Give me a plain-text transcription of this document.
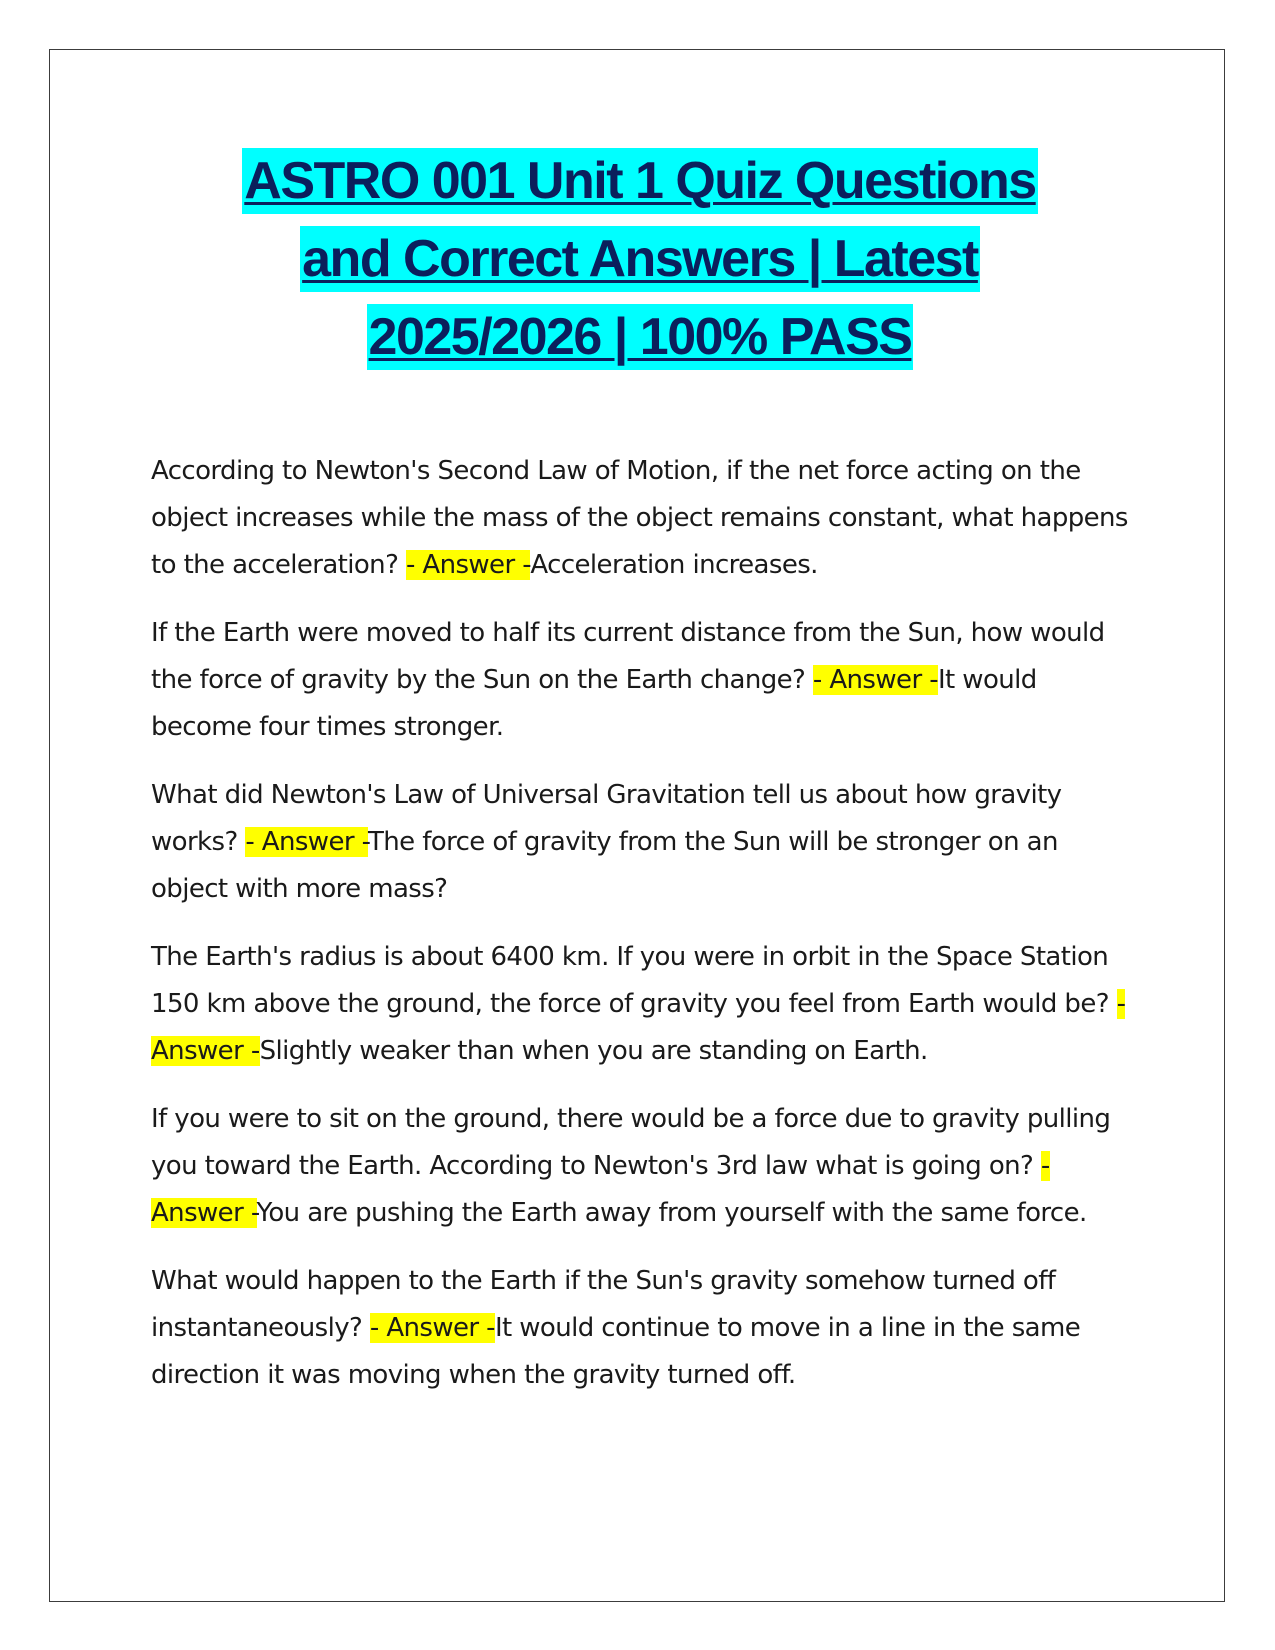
ASTRO 001 Unit 1 Quiz Questions
and Correct Answers | Latest
2025/2026 | 100% PASS

According to Newton's Second Law of Motion, if the net force acting on the object increases while the mass of the object remains constant, what happens to the acceleration? - Answer -Acceleration increases.

If the Earth were moved to half its current distance from the Sun, how would the force of gravity by the Sun on the Earth change? - Answer -It would become four times stronger.

What did Newton's Law of Universal Gravitation tell us about how gravity works? - Answer -The force of gravity from the Sun will be stronger on an object with more mass?

The Earth's radius is about 6400 km. If you were in orbit in the Space Station 150 km above the ground, the force of gravity you feel from Earth would be? - Answer -Slightly weaker than when you are standing on Earth.

If you were to sit on the ground, there would be a force due to gravity pulling you toward the Earth. According to Newton's 3rd law what is going on? - Answer -You are pushing the Earth away from yourself with the same force.

What would happen to the Earth if the Sun's gravity somehow turned off instantaneously? - Answer -It would continue to move in a line in the same direction it was moving when the gravity turned off.
